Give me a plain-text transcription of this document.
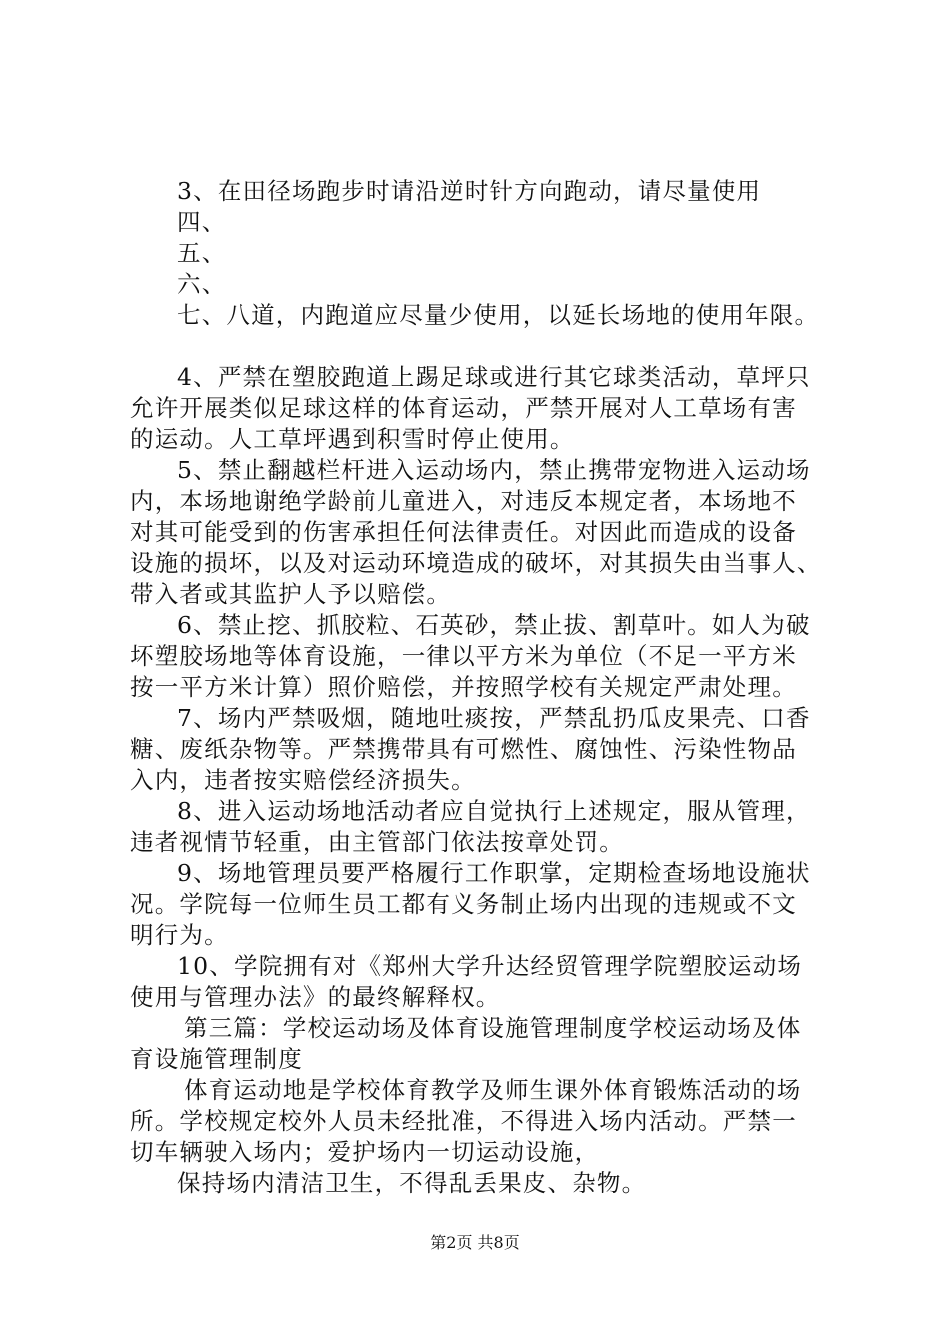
3、在田径场跑步时请沿逆时针方向跑动，请尽量使用
四、
五、
六、
七、八道，内跑道应尽量少使用，以延长场地的使用年限。
4、严禁在塑胶跑道上踢足球或进行其它球类活动，草坪只
允许开展类似足球这样的体育运动，严禁开展对人工草场有害
的运动。人工草坪遇到积雪时停止使用。
5、禁止翻越栏杆进入运动场内，禁止携带宠物进入运动场
内，本场地谢绝学龄前儿童进入，对违反本规定者，本场地不
对其可能受到的伤害承担任何法律责任。对因此而造成的设备
设施的损坏，以及对运动环境造成的破坏，对其损失由当事人、
带入者或其监护人予以赔偿。
6、禁止挖、抓胶粒、石英砂，禁止拔、割草叶。如人为破
坏塑胶场地等体育设施，一律以平方米为单位（不足一平方米
按一平方米计算）照价赔偿，并按照学校有关规定严肃处理。
7、场内严禁吸烟，随地吐痰按，严禁乱扔瓜皮果壳、口香
糖、废纸杂物等。严禁携带具有可燃性、腐蚀性、污染性物品
入内，违者按实赔偿经济损失。
8、进入运动场地活动者应自觉执行上述规定，服从管理，
违者视情节轻重，由主管部门依法按章处罚。
9、场地管理员要严格履行工作职掌，定期检查场地设施状
况。学院每一位师生员工都有义务制止场内出现的违规或不文
明行为。
10、学院拥有对《郑州大学升达经贸管理学院塑胶运动场
使用与管理办法》的最终解释权。
第三篇：学校运动场及体育设施管理制度学校运动场及体
育设施管理制度
体育运动地是学校体育教学及师生课外体育锻炼活动的场
所。学校规定校外人员未经批准，不得进入场内活动。严禁一
切车辆驶入场内；爱护场内一切运动设施，
保持场内清洁卫生，不得乱丢果皮、杂物。
第2页 共8页
